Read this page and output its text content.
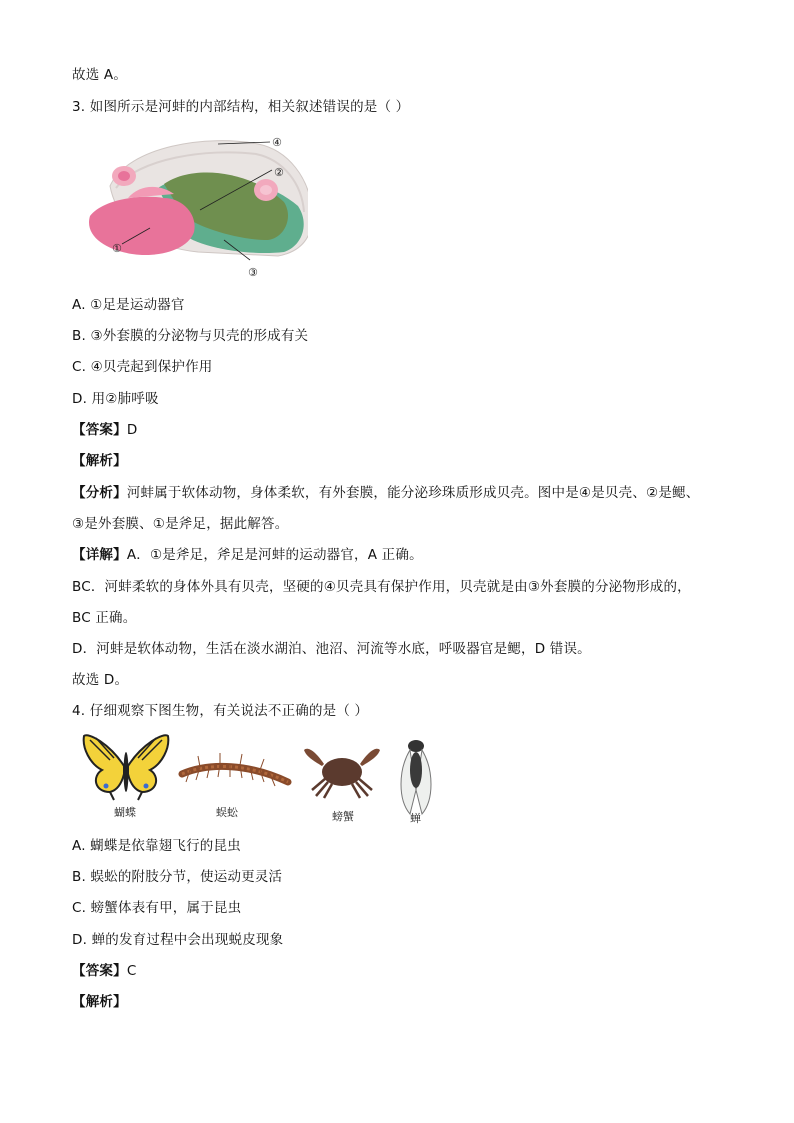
故选 A。
3. 如图所示是河蚌的内部结构，相关叙述错误的是（ ）
④
②
③
①
A. ①足是运动器官
B. ③外套膜的分泌物与贝壳的形成有关
C. ④贝壳起到保护作用
D. 用②肺呼吸
【答案】D
【解析】
【分析】河蚌属于软体动物，身体柔软，有外套膜，能分泌珍珠质形成贝壳。图中是④是贝壳、②是鳃、
③是外套膜、①是斧足，据此解答。
【详解】A．①是斧足，斧足是河蚌的运动器官，A 正确。
BC．河蚌柔软的身体外具有贝壳，坚硬的④贝壳具有保护作用，贝壳就是由③外套膜的分泌物形成的，
BC 正确。
D．河蚌是软体动物，生活在淡水湖泊、池沼、河流等水底，呼吸器官是鳃，D 错误。
故选 D。
4. 仔细观察下图生物，有关说法不正确的是（ ）
蝴蝶	蜈蚣	螃蟹	蝉
A. 蝴蝶是依靠翅飞行的昆虫
B. 蜈蚣的附肢分节，使运动更灵活
C. 螃蟹体表有甲，属于昆虫
D. 蝉的发育过程中会出现蜕皮现象
【答案】C
【解析】
